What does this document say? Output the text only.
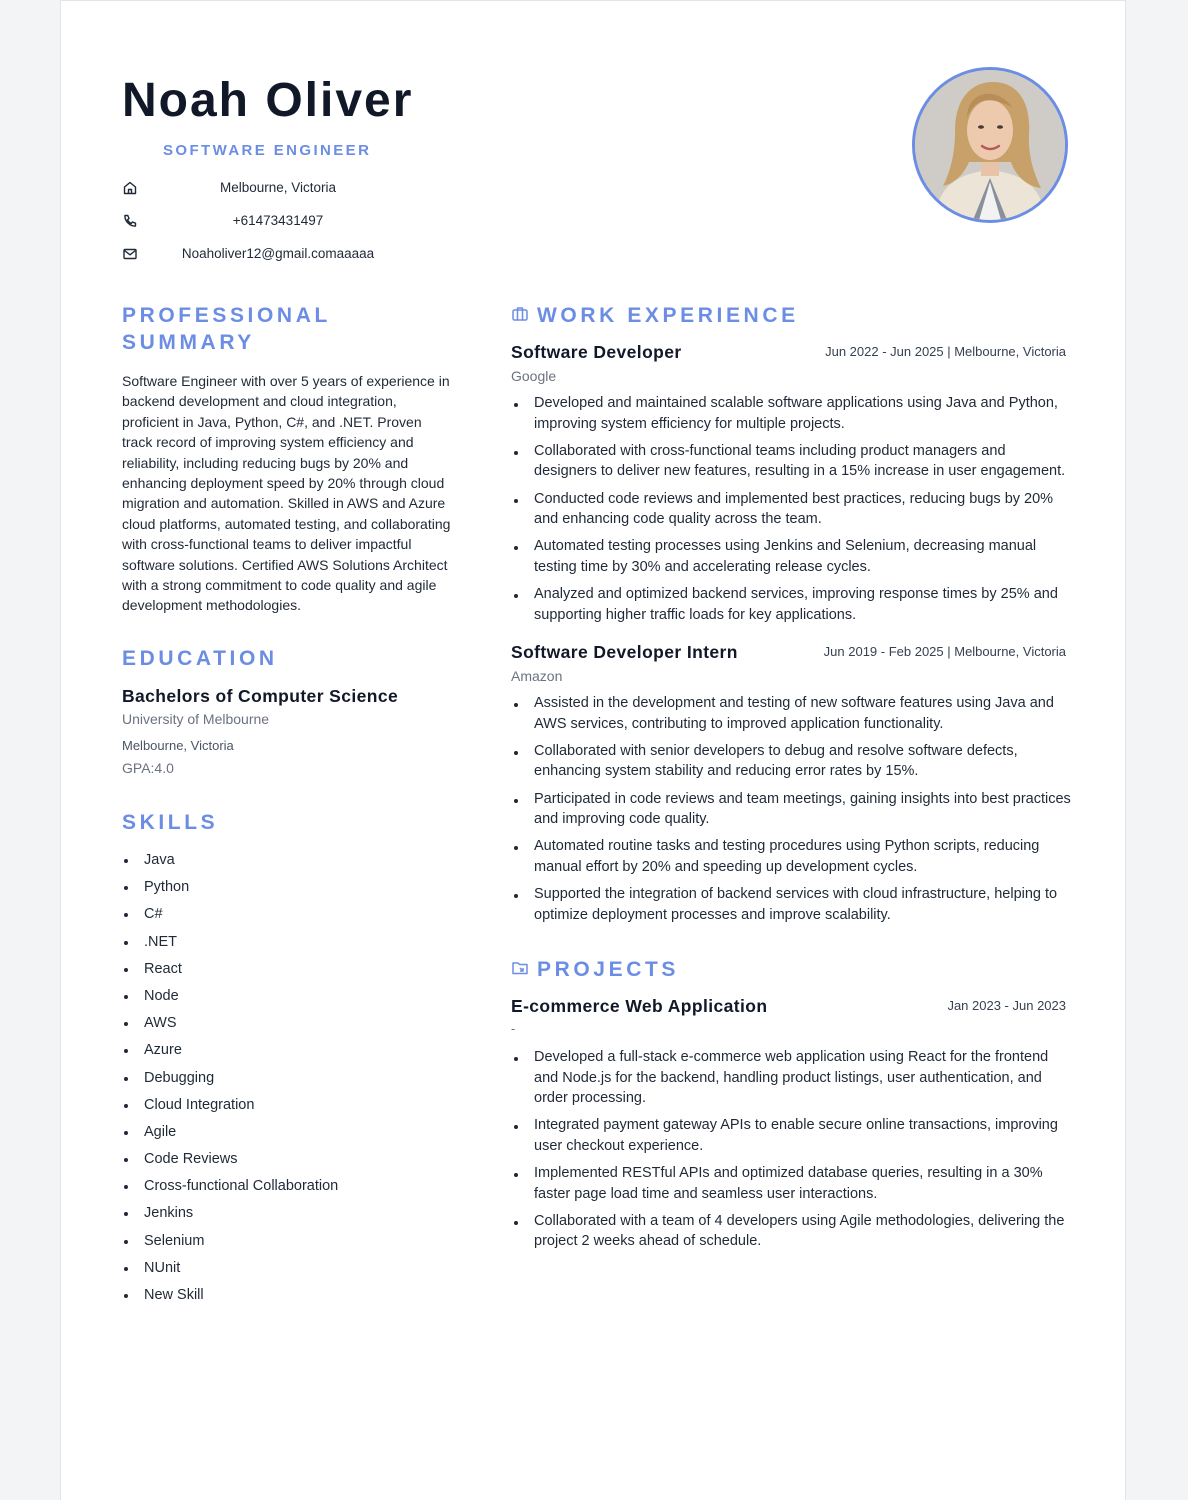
Noah Oliver
SOFTWARE ENGINEER
Melbourne, Victoria
+61473431497
Noaholiver12@gmail.comaaaaa
PROFESSIONAL
SUMMARY

Software Engineer with over 5 years of experience in backend development and cloud integration, proficient in Java, Python, C#, and .NET. Proven track record of improving system efficiency and reliability, including reducing bugs by 20% and enhancing deployment speed by 20% through cloud migration and automation. Skilled in AWS and Azure cloud platforms, automated testing, and collaborating with cross-functional teams to deliver impactful software solutions. Certified AWS Solutions Architect with a strong commitment to code quality and agile development methodologies.

EDUCATION
Bachelors of Computer Science
University of Melbourne
Melbourne, Victoria
GPA:4.0
SKILLS
Java
Python
C#
.NET
React
Node
AWS
Azure
Debugging
Cloud Integration
Agile
Code Reviews
Cross-functional Collaboration
Jenkins
Selenium
NUnit
New Skill
WORK EXPERIENCE
Software Developer	Jun 2022 - Jun 2025 | Melbourne, Victoria
Google
Developed and maintained scalable software applications using Java and Python, improving system efficiency for multiple projects.
Collaborated with cross-functional teams including product managers and designers to deliver new features, resulting in a 15% increase in user engagement.
Conducted code reviews and implemented best practices, reducing bugs by 20% and enhancing code quality across the team.
Automated testing processes using Jenkins and Selenium, decreasing manual testing time by 30% and accelerating release cycles.
Analyzed and optimized backend services, improving response times by 25% and supporting higher traffic loads for key applications.
Software Developer Intern	Jun 2019 - Feb 2025 | Melbourne, Victoria
Amazon
Assisted in the development and testing of new software features using Java and AWS services, contributing to improved application functionality.
Collaborated with senior developers to debug and resolve software defects, enhancing system stability and reducing error rates by 15%.
Participated in code reviews and team meetings, gaining insights into best practices and improving code quality.
Automated routine tasks and testing procedures using Python scripts, reducing manual effort by 20% and speeding up development cycles.
Supported the integration of backend services with cloud infrastructure, helping to optimize deployment processes and improve scalability.
PROJECTS
E-commerce Web Application	Jan 2023 - Jun 2023
-
Developed a full-stack e-commerce web application using React for the frontend and Node.js for the backend, handling product listings, user authentication, and order processing.
Integrated payment gateway APIs to enable secure online transactions, improving user checkout experience.
Implemented RESTful APIs and optimized database queries, resulting in a 30% faster page load time and seamless user interactions.
Collaborated with a team of 4 developers using Agile methodologies, delivering the project 2 weeks ahead of schedule.
